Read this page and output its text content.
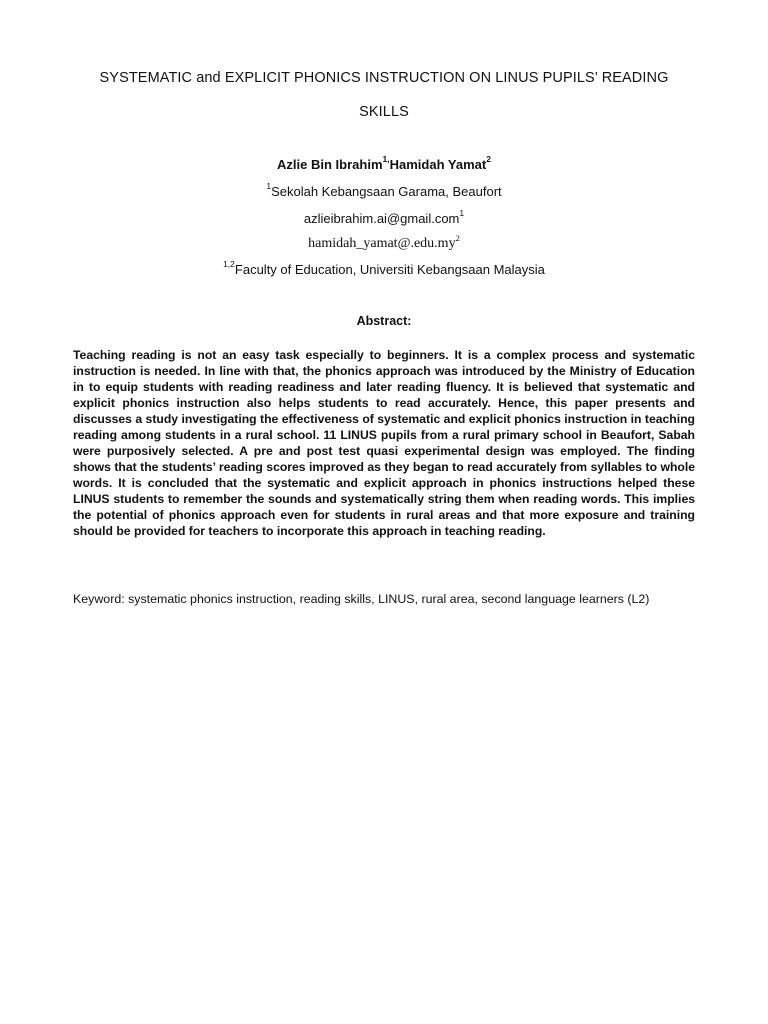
SYSTEMATIC and EXPLICIT PHONICS INSTRUCTION ON LINUS PUPILS’ READING
SKILLS
Azlie Bin Ibrahim$^{1,}$Hamidah Yamat$^2$
$^1$Sekolah Kebangsaan Garama, Beaufort
azlieibrahim.ai@gmail.com$^1$
$hamidah\_yamat@.edu.my^2$
$^{1,2}$Faculty of Education, Universiti Kebangsaan Malaysia
Abstract:

Teaching reading is not an easy task especially to beginners. It is a complex process and systematic instruction is needed. In line with that, the phonics approach was introduced by the Ministry of Education in to equip students with reading readiness and later reading fluency. It is believed that systematic and explicit phonics instruction also helps students to read accurately. Hence, this paper presents and discusses a study investigating the effectiveness of systematic and explicit phonics instruction in teaching reading among students in a rural school. 11 LINUS pupils from a rural primary school in Beaufort, Sabah were purposively selected. A pre and post test quasi experimental design was employed. The finding shows that the students’ reading scores improved as they began to read accurately from syllables to whole words. It is concluded that the systematic and explicit approach in phonics instructions helped these LINUS students to remember the sounds and systematically string them when reading words. This implies the potential of phonics approach even for students in rural areas and that more exposure and training should be provided for teachers to incorporate this approach in teaching reading.

Keyword: systematic phonics instruction, reading skills, LINUS, rural area, second language learners (L2)
